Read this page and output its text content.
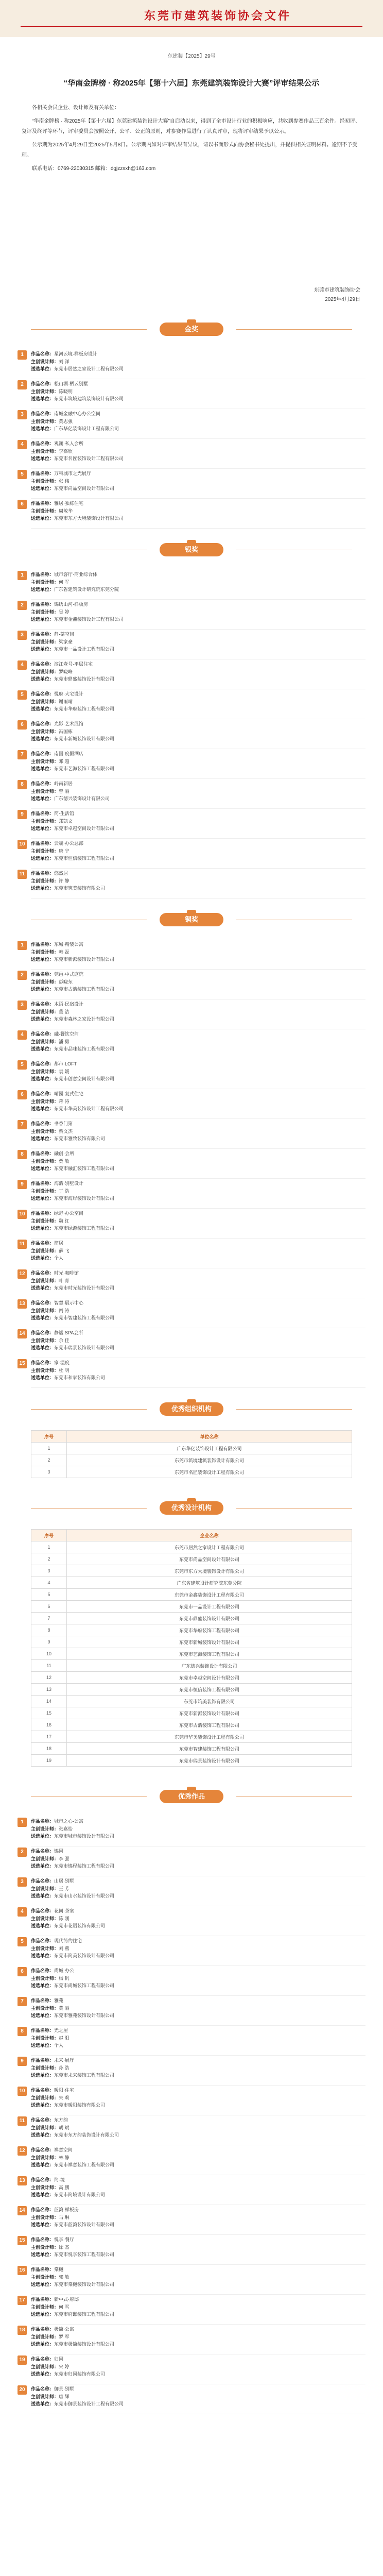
东莞市建筑装饰协会文件
东建装【2025】29号
“华南金牌榜 · 称2025年【第十六届】东莞建筑装饰设计大赛”评审结果公示

各相关会员企业、设计师及有关单位：

“华南金牌榜 · 称2025年【第十六届】东莞建筑装饰设计大赛”自启动以来，得到了全市设计行业的积极响应，共收到参赛作品三百余件。经初评、复评及终评等环节，评审委员会按照公开、公平、公正的原则，对参赛作品进行了认真评审，现将评审结果予以公示。

公示期为2025年4月29日至2025年5月8日。公示期内如对评审结果有异议，请以书面形式向协会秘书处提出，并提供相关证明材料。逾期不予受理。

联系电话：0769-22030315 邮箱：dgjzzsxh@163.com

东莞市建筑装饰协会
2025年4月29日
金奖
1	作品名称：星河云境·样板房设计
主创设计师：刘 洋
送选单位：东莞市居然之家设计工程有限公司
2	作品名称：松山湖·栖云别墅
主创设计师：陈晓明
送选单位：东莞市筑境建筑装饰设计有限公司
3	作品名称：南城金融中心办公空间
主创设计师：黄志强
送选单位：广东华亿装饰设计工程有限公司
4	作品名称：观澜·私人会所
主创设计师：李嘉欣
送选单位：东莞市名匠装饰设计工程有限公司
5	作品名称：万科城市之光展厅
主创设计师：张 伟
送选单位：东莞市尚品空间设计有限公司
6	作品名称：雅居·独栋住宅
主创设计师：周敏华
送选单位：东莞市东方大境装饰设计有限公司
银奖
1	作品名称：城市客厅·商业综合体
主创设计师：何 军
送选单位：广东省建筑设计研究院东莞分院
2	作品名称：锦绣山河·样板房
主创设计师：吴 婷
送选单位：东莞市金鑫装饰设计工程有限公司
3	作品名称：静·茶空间
主创设计师：梁家豪
送选单位：东莞市一品设计工程有限公司
4	作品名称：滨江壹号·平层住宅
主创设计师：罗晓峰
送选单位：东莞市鼎盛装饰设计有限公司
5	作品名称：悦府·大宅设计
主创设计师：谢雨晴
送选单位：东莞市华府装饰工程有限公司
6	作品名称：光影·艺术展馆
主创设计师：冯国栋
送选单位：东莞市新城装饰设计有限公司
7	作品名称：南国·度假酒店
主创设计师：邓 超
送选单位：东莞市艺海装饰工程有限公司
8	作品名称：岭南新居
主创设计师：曾 丽
送选单位：广东德兴装饰设计有限公司
9	作品名称：简·生活馆
主创设计师：郑凯文
送选单位：东莞市卓越空间设计有限公司
10	作品名称：云端·办公总部
主创设计师：唐 宁
送选单位：东莞市恒信装饰工程有限公司
11	作品名称：悠然居
主创设计师：许 静
送选单位：东莞市筑美装饰有限公司
铜奖
1	作品名称：东城·精装公寓
主创设计师：韩 磊
送选单位：东莞市新派装饰设计有限公司
2	作品名称：莞邑·中式庭院
主创设计师：彭晓东
送选单位：东莞市古韵装饰工程有限公司
3	作品名称：木语·民宿设计
主创设计师：董 洁
送选单位：东莞市森林之家设计有限公司
4	作品名称：融·餐饮空间
主创设计师：潘 勇
送选单位：东莞市品味装饰工程有限公司
5	作品名称：都市·LOFT
主创设计师：袁 媛
送选单位：东莞市创意空间设计有限公司
6	作品名称：晴园·复式住宅
主创设计师：蒋 涛
送选单位：东莞市华美装饰设计工程有限公司
7	作品名称：书香门第
主创设计师：蔡文杰
送选单位：东莞市雅致装饰有限公司
8	作品名称：融创·会所
主创设计师：贾 敏
送选单位：东莞市融汇装饰工程有限公司
9	作品名称：海韵·别墅设计
主创设计师：丁 浩
送选单位：东莞市海岸装饰设计有限公司
10	作品名称：绿野·办公空间
主创设计师：魏 红
送选单位：东莞市绿源装饰工程有限公司
11	作品名称：简居
主创设计师：薛 飞
送选单位：个人
12	作品名称：时光·咖啡馆
主创设计师：叶 青
送选单位：东莞市时光装饰设计有限公司
13	作品名称：智慧·展示中心
主创设计师：阎 涛
送选单位：东莞市智建装饰工程有限公司
14	作品名称：静谧·SPA会所
主创设计师：余 佳
送选单位：东莞市瑞景装饰设计有限公司
15	作品名称：家·温度
主创设计师：杜 明
送选单位：东莞市和家装饰有限公司
优秀组织机构
序号	单位名称
1	广东华亿装饰设计工程有限公司
2	东莞市筑境建筑装饰设计有限公司
3	东莞市名匠装饰设计工程有限公司
优秀设计机构
序号	企业名称
1	东莞市居然之家设计工程有限公司
2	东莞市尚品空间设计有限公司
3	东莞市东方大境装饰设计有限公司
4	广东省建筑设计研究院东莞分院
5	东莞市金鑫装饰设计工程有限公司
6	东莞市一品设计工程有限公司
7	东莞市鼎盛装饰设计有限公司
8	东莞市华府装饰工程有限公司
9	东莞市新城装饰设计有限公司
10	东莞市艺海装饰工程有限公司
11	广东德兴装饰设计有限公司
12	东莞市卓越空间设计有限公司
13	东莞市恒信装饰工程有限公司
14	东莞市筑美装饰有限公司
15	东莞市新派装饰设计有限公司
16	东莞市古韵装饰工程有限公司
17	东莞市华美装饰设计工程有限公司
18	东莞市智建装饰工程有限公司
19	东莞市瑞景装饰设计有限公司
优秀作品
1	作品名称：城市之心·公寓
主创设计师：张嘉怡
送选单位：东莞市城市装饰设计有限公司
2	作品名称：锦园
主创设计师：李 强
送选单位：东莞市锦程装饰工程有限公司
3	作品名称：山居·别墅
主创设计师：王 芳
送选单位：东莞市山水装饰设计有限公司
4	作品名称：花间·茶室
主创设计师：陈 刚
送选单位：东莞市花语装饰有限公司
5	作品名称：现代简约住宅
主创设计师：刘 燕
送选单位：东莞市简美装饰设计有限公司
6	作品名称：尚城·办公
主创设计师：杨 帆
送选单位：东莞市尚城装饰工程有限公司
7	作品名称：雅苑
主创设计师：黄 丽
送选单位：东莞市雅苑装饰设计有限公司
8	作品名称：光之屋
主创设计师：赵 阳
送选单位：个人
9	作品名称：未来·展厅
主创设计师：孙 浩
送选单位：东莞市未来装饰工程有限公司
10	作品名称：暖阳·住宅
主创设计师：朱 莉
送选单位：东莞市暖阳装饰有限公司
11	作品名称：东方韵
主创设计师：胡 斌
送选单位：东莞市东方韵装饰设计有限公司
12	作品名称：禅意空间
主创设计师：林 静
送选单位：东莞市禅意装饰工程有限公司
13	作品名称：简·境
主创设计师：高 鹏
送选单位：东莞市简境设计有限公司
14	作品名称：蓝湾·样板房
主创设计师：马 琳
送选单位：东莞市蓝湾装饰设计有限公司
15	作品名称：悦享·餐厅
主创设计师：徐 杰
送选单位：东莞市悦享装饰工程有限公司
16	作品名称：棠樾
主创设计师：郭 敏
送选单位：东莞市棠樾装饰设计有限公司
17	作品名称：新中式·府邸
主创设计师：何 雪
送选单位：东莞市府邸装饰工程有限公司
18	作品名称：极简·公寓
主创设计师：罗 军
送选单位：东莞市极简装饰设计有限公司
19	作品名称：归园
主创设计师：宋 婷
送选单位：东莞市归园装饰有限公司
20	作品名称：御景·别墅
主创设计师：唐 辉
送选单位：东莞市御景装饰设计工程有限公司
